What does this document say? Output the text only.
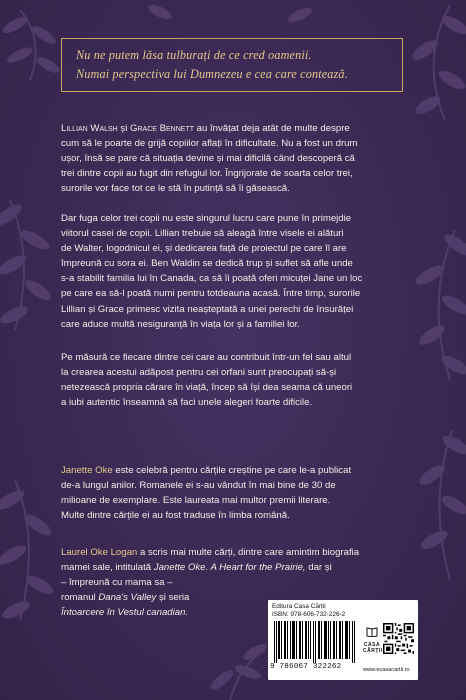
Nu ne putem lăsa tulburați de ce cred oamenii.
Numai perspectiva lui Dumnezeu e cea care contează.
Lillian Walsh și Grace Bennett au învățat deja atât de multe despre
cum să le poarte de grijă copiilor aflați în dificultate. Nu a fost un drum
ușor, însă se pare că situația devine și mai dificilă când descoperă că
trei dintre copii au fugit din refugiul lor. Îngrijorate de soarta celor trei,
surorile vor face tot ce le stă în putință să îi găsească.
Dar fuga celor trei copii nu este singurul lucru care pune în primejdie
viitorul casei de copii. Lillian trebuie să aleagă între visele ei alături
de Walter, logodnicul ei, și dedicarea față de proiectul pe care îl are
împreună cu sora ei. Ben Waldin se dedică trup și suflet să afle unde
s-a stabilit familia lui în Canada, ca să îi poată oferi micuței Jane un loc
pe care ea să-l poată numi pentru totdeauna acasă. Între timp, surorile
Lillian și Grace primesc vizita neașteptată a unei perechi de însurăței
care aduce multă nesiguranță în viața lor și a familiei lor.
Pe măsură ce fiecare dintre cei care au contribuit într-un fel sau altul
la crearea acestui adăpost pentru cei orfani sunt preocupați să-și
netezească propria cărare în viață, încep să își dea seama că uneori
a iubi autentic înseamnă să faci unele alegeri foarte dificile.
Janette Oke este celebră pentru cărțile creștine pe care le-a publicat
de-a lungul anilor. Romanele ei s-au vândut în mai bine de 30 de
milioane de exemplare. Este laureata mai multor premii literare.
Multe dintre cărțile ei au fost traduse în limba română.
Laurel Oke Logan a scris mai multe cărți, dintre care amintim biografia
mamei sale, intitulată Janette Oke. A Heart for the Prairie, dar și
– împreună cu mama sa –
romanul Dana's Valley și seria
Întoarcere în Vestul canadian.
Editura Casa Cărții
ISBN: 978-606-732-226-2
9 786067 322262
CASA
CĂRȚII
www.ecasacartii.ro
